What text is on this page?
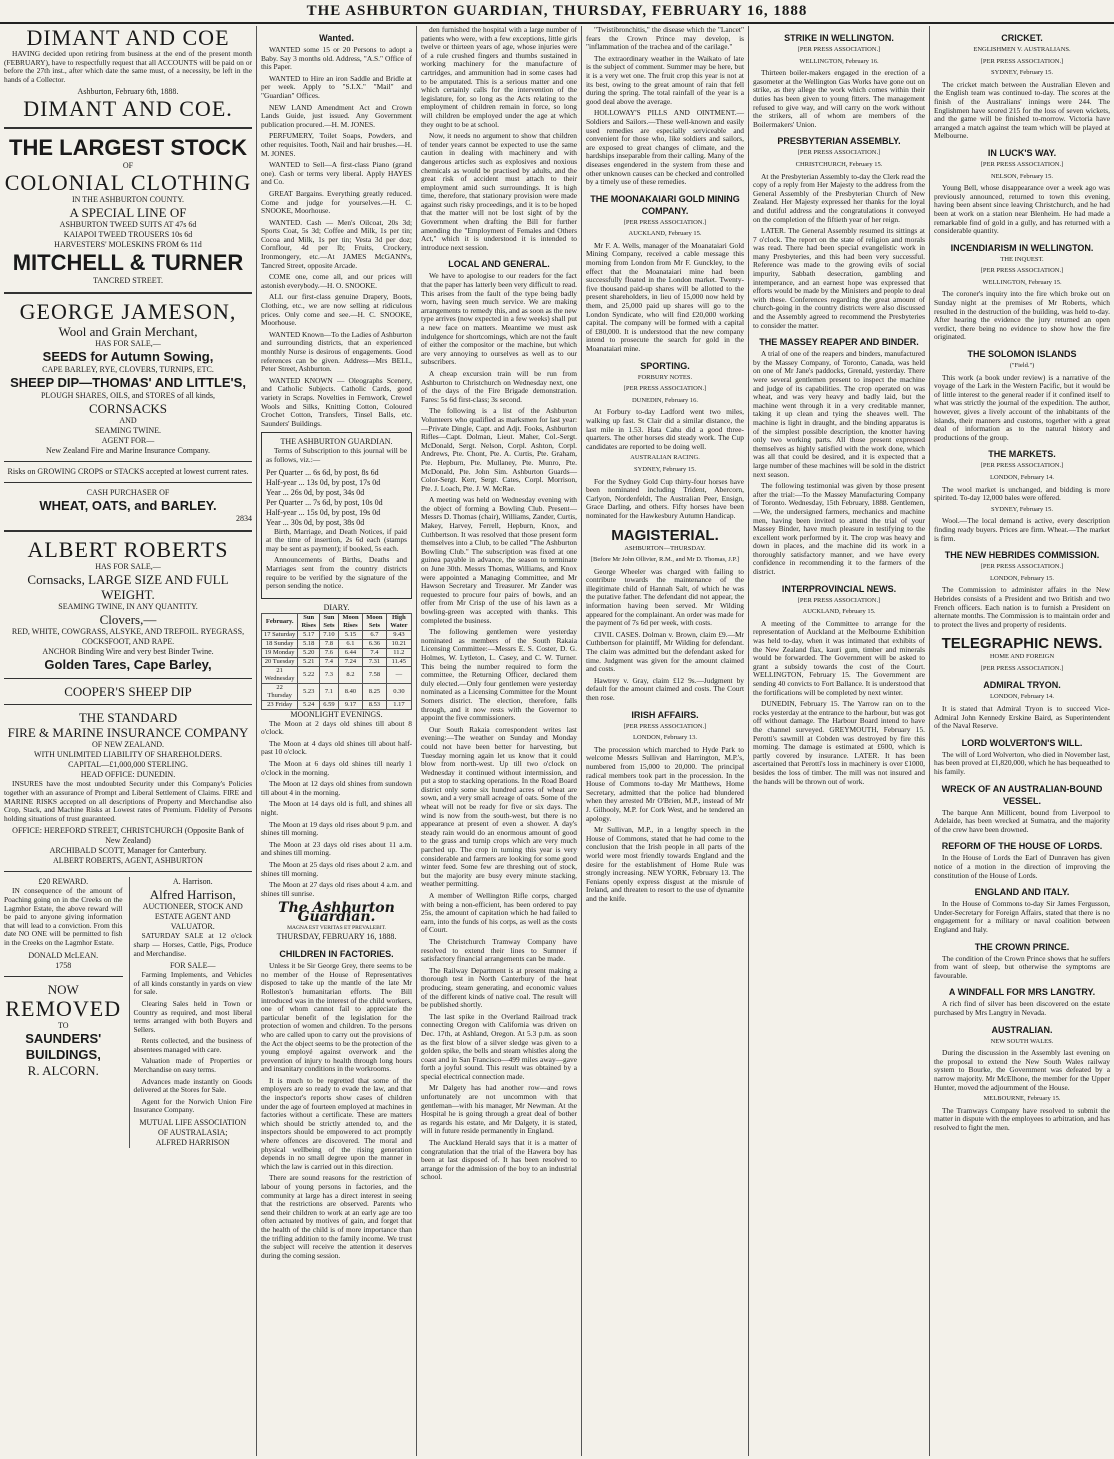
THE ASHBURTON GUARDIAN, THURSDAY, FEBRUARY 16, 1888
DIMANT AND COE

HAVING decided upon retiring from business at the end of the present month (FEBRUARY), have to respectfully request that all ACCOUNTS will be paid on or before the 27th inst., after which date the same must, of a necessity, be left in the hands of a Collector.

Ashburton, February 6th, 1888.
DIMANT AND COE.
THE LARGEST STOCK
OF
COLONIAL CLOTHING
IN THE ASHBURTON COUNTY.
A SPECIAL LINE OF
ASHBURTON TWEED SUITS AT 47s 6d
KAIAPOI TWEED TROUSERS 10s 6d
HARVESTERS' MOLESKINS FROM 6s 11d
MITCHELL & TURNER
TANCRED STREET.
GEORGE JAMESON,
Wool and Grain Merchant,
HAS FOR SALE,—
SEEDS for Autumn Sowing,
CAPE BARLEY, RYE, CLOVERS, TURNIPS, ETC.
SHEEP DIP—THOMAS' AND LITTLE'S,
PLOUGH SHARES, OILS, and STORES of all kinds,
CORNSACKS
AND
SEAMING TWINE.
AGENT FOR—
New Zealand Fire and Marine Insurance Company.
Risks on GROWING CROPS or STACKS accepted at lowest current rates.
CASH PURCHASER OF
WHEAT, OATS, and BARLEY.
2834
ALBERT ROBERTS
HAS FOR SALE,—
Cornsacks, LARGE SIZE AND FULL WEIGHT.
SEAMING TWINE, IN ANY QUANTITY.
Clovers,—
RED, WHITE, COWGRASS, ALSYKE, AND TREFOIL. RYEGRASS, COCKSFOOT, AND RAPE.
ANCHOR Binding Wire and very best Binder Twine.
Golden Tares, Cape Barley,
COOPER'S SHEEP DIP
THE STANDARD
FIRE & MARINE INSURANCE COMPANY
OF NEW ZEALAND.
WITH UNLIMITED LIABILITY OF SHAREHOLDERS.
CAPITAL—£1,000,000 STERLING.
HEAD OFFICE: DUNEDIN.

INSURES have the most undoubted Security under this Company's Policies together with an assurance of Prompt and Liberal Settlement of Claims. FIRE and MARINE RISKS accepted on all descriptions of Property and Merchandise also Crop, Stack, and Machine Risks at Lowest rates of Premium. Fidelity of Persons holding situations of trust guaranteed.

OFFICE: HEREFORD STREET, CHRISTCHURCH (Opposite Bank of New Zealand)
ARCHIBALD SCOTT, Manager for Canterbury.
ALBERT ROBERTS, AGENT, ASHBURTON
£20 REWARD.

IN consequence of the amount of Poaching going on in the Creeks on the Lagmhor Estate, the above reward will be paid to anyone giving information that will lead to a conviction. From this date NO ONE will be permitted to fish in the Creeks on the Lagmhor Estate.

DONALD McLEAN.
1758
NOW
REMOVED
TO
SAUNDERS' BUILDINGS,
R. ALCORN.
A. Harrison.
Alfred Harrison,
AUCTIONEER, STOCK AND ESTATE AGENT AND VALUATOR.

SATURDAY SALE at 12 o'clock sharp — Horses, Cattle, Pigs, Produce and Merchandise.

FOR SALE—

Farming Implements, and Vehicles of all kinds constantly in yards on view for sale.

Clearing Sales held in Town or Country as required, and most liberal terms arranged with both Buyers and Sellers.

Rents collected, and the business of absentees managed with care.

Valuation made of Properties or Merchandise on easy terms.

Advances made instantly on Goods delivered at the Stores for Sale.

Agent for the Norwich Union Fire Insurance Company.

MUTUAL LIFE ASSOCIATION OF AUSTRALASIA;
ALFRED HARRISON
Wanted.

WANTED some 15 or 20 Persons to adopt a Baby. Say 3 months old. Address, "A.S." Office of this Paper.

WANTED to Hire an iron Saddle and Bridle at per week. Apply to "S.I.X." "Mail" and "Guardian" Offices.

NEW LAND Amendment Act and Crown Lands Guide, just issued. Any Government publication procured.—H. M. JONES.

PERFUMERY, Toilet Soaps, Powders, and other requisites. Tooth, Nail and hair brushes.—H. M. JONES.

WANTED to Sell—A first-class Piano (grand one). Cash or terms very liberal. Apply HAYES and Co.

GREAT Bargains. Everything greatly reduced. Come and judge for yourselves.—H. C. SNOOKE, Moorhouse.

WANTED. Cash — Men's Oilcoat, 20s 3d; Sports Coat, 5s 3d; Coffee and Milk, 1s per tin; Cocoa and Milk, 1s per tin; Vesta 3d per doz; Cornflour, 4d per lb; Fruits, Crockery, Ironmongery, etc.—At JAMES McGANN's, Tancred Street, opposite Arcade.

COME one, come all, and our prices will astonish everybody.—H. O. SNOOKE.

ALL our first-class genuine Drapery, Boots, Clothing, etc., we are now selling at ridiculous prices. Only come and see.—H. C. SNOOKE, Moorhouse.

WANTED Known—To the Ladies of Ashburton and surrounding districts, that an experienced monthly Nurse is desirous of engagements. Good references can be given. Address—Mrs BELL, Peter Street, Ashburton.

WANTED KNOWN — Oleographs Scenery, and Catholic Subjects. Catholic Cards, good variety in Scraps. Novelties in Fernwork, Crewel Wools and Silks, Knitting Cotton, Coloured Crochet Cotton, Transfers, Tinsel Balls, etc. Saunders' Buildings.

THE ASHBURTON GUARDIAN.

Terms of Subscription to this journal will be as follows, viz.:—

Per Quarter ... 6s 6d, by post, 8s 6d
Half-year ... 13s 0d, by post, 17s 0d
Year ... 26s 0d, by post, 34s 0d
Per Quarter ... 7s 6d, by post, 10s 0d
Half-year ... 15s 0d, by post, 19s 0d
Year ... 30s 0d, by post, 38s 0d

Birth, Marriage, and Death Notices, if paid at the time of insertion, 2s 6d each (stamps may be sent as payment); if booked, 5s each.

Announcements of Births, Deaths and Marriages sent from the country districts require to be verified by the signature of the person sending the notice.

DIARY.
February.	Sun Rises	Sun Sets	Moon Rises	Moon Sets	High Water
17 Saturday	5.17	7.10	5.15	6.7	9.43
18 Sunday	5.18	7.8	6.1	6.36	10.21
19 Monday	5.20	7.6	6.44	7.4	11.2
20 Tuesday	5.21	7.4	7.24	7.31	11.45
21 Wednesday	5.22	7.3	8.2	7.58	—
22 Thursday	5.23	7.1	8.40	8.25	0.30
23 Friday	5.24	6.59	9.17	8.53	1.17
MOONLIGHT EVENINGS.

The Moon at 2 days old shines till about 8 o'clock.

The Moon at 4 days old shines till about half-past 10 o'clock.

The Moon at 6 days old shines till nearly 1 o'clock in the morning.

The Moon at 12 days old shines from sundown till about 4 in the morning.

The Moon at 14 days old is full, and shines all night.

The Moon at 19 days old rises about 9 p.m. and shines till morning.

The Moon at 23 days old rises about 11 a.m. and shines till morning.

The Moon at 25 days old rises about 2 a.m. and shines till morning.

The Moon at 27 days old rises about 4 a.m. and shines till sunrise.

The Ashburton Guardian.
MAGNA EST VERITAS ET PREVALEBIT.
THURSDAY, FEBRUARY 16, 1888.
CHILDREN IN FACTORIES.

Unless it be Sir George Grey, there seems to be no member of the House of Representatives disposed to take up the mantle of the late Mr Rolleston's humanitarian efforts. The Bill introduced was in the interest of the child workers, one of whom cannot fail to appreciate the particular benefit of the legislation for the protection of women and children. To the persons who are called upon to carry out the provisions of the Act the object seems to be the protection of the young employé against overwork and the prevention of injury to health through long hours and insanitary conditions in the workrooms.

It is much to be regretted that some of the employers are so ready to evade the law, and that the inspector's reports show cases of children under the age of fourteen employed at machines in factories without a certificate. These are matters which should be strictly attended to, and the inspectors should be empowered to act promptly where offences are discovered. The moral and physical wellbeing of the rising generation depends in no small degree upon the manner in which the law is carried out in this direction.

There are sound reasons for the restriction of labour of young persons in factories, and the community at large has a direct interest in seeing that the restrictions are observed. Parents who send their children to work at an early age are too often actuated by motives of gain, and forget that the health of the child is of more importance than the trifling addition to the family income. We trust the subject will receive the attention it deserves during the coming session.

den furnished the hospital with a large number of patients who were, with a few exceptions, little girls twelve or thirteen years of age, whose injuries were of a rule crushed fingers and thumbs sustained in working machinery for the manufacture of cartridges, and ammunition had in some cases had to be amputated. This is a serious matter and one which certainly calls for the intervention of the legislature, for, so long as the Acts relating to the employment of children remain in force, so long will children be employed under the age at which they ought to be at school.

Now, it needs no argument to show that children of tender years cannot be expected to use the same caution in dealing with machinery and with dangerous articles such as explosives and noxious chemicals as would be practised by adults, and the great risk of accident must attach to their employment amid such surroundings. It is high time, therefore, that stationary provision were made against such risky proceedings, and it is to be hoped that the matter will not be lost sight of by the Government when drafting the Bill for further amending the "Employment of Females and Others Act," which it is understood it is intended to introduce next session.

LOCAL AND GENERAL.

We have to apologise to our readers for the fact that the paper has latterly been very difficult to read. This arises from the fault of the type being badly worn, having seen much service. We are making arrangements to remedy this, and as soon as the new type arrives (now expected in a few weeks) shall put a new face on matters. Meantime we must ask indulgence for shortcomings, which are not the fault of either the compositor or the machine, but which are very annoying to ourselves as well as to our subscribers.

A cheap excursion train will be run from Ashburton to Christchurch on Wednesday next, one of the days of the Fire Brigade demonstration. Fares: 5s 6d first-class; 3s second.

The following is a list of the Ashburton Volunteers who qualified as marksmen for last year:—Private Dingle, Capt. and Adjt. Fooks, Ashburton Rifles—Capt. Dolman, Lieut. Maher, Col.-Sergt. McDonald, Sergt. Nelson, Corpl. Ashton, Corpl. Andrews, Pte. Chont, Pte. A. Curtis, Pte. Graham, Pte. Hepburn, Pte. Mullaney, Pte. Munro, Pte. McDonald, Pte. John Sim. Ashburton Guards—Color-Sergt. Kerr, Sergt. Cates, Corpl. Morrison, Pte. J. Loach, Pte. J. W. McRae.

A meeting was held on Wednesday evening with the object of forming a Bowling Club. Present—Messrs D. Thomas (chair), Williams, Zander, Curtis, Makey, Harvey, Ferrell, Hepburn, Knox, and Cuthbertson. It was resolved that those present form themselves into a Club, to be called "The Ashburton Bowling Club." The subscription was fixed at one guinea payable in advance, the season to terminate on June 30th. Messrs Thomas, Williams, and Knox were appointed a Managing Committee, and Mr Hawson Secretary and Treasurer. Mr Zander was requested to procure four pairs of bowls, and an offer from Mr Crisp of the use of his lawn as a bowling-green was accepted with thanks. This completed the business.

The following gentlemen were yesterday nominated as members of the South Rakaia Licensing Committee:—Messrs E. S. Coster, D. G. Holmes, W. Lytleton, L. Casey, and C. W. Turner. This being the number required to form the committee, the Returning Officer, declared them duly elected.—Only four gentlemen were yesterday nominated as a Licensing Committee for the Mount Somers district. The election, therefore, falls through, and it now rests with the Governor to appoint the five commissioners.

Our South Rakaia correspondent writes last evening:—The weather on Sunday and Monday could not have been better for harvesting, but Tuesday morning again let us know that it could blow from north-west. Up till two o'clock on Wednesday it continued without intermission, and put a stop to stacking operations. In the Road Board district only some six hundred acres of wheat are sown, and a very small acreage of oats. Some of the wheat will not be ready for five or six days. The wind is now from the south-west, but there is no appearance at present of even a shower. A day's steady rain would do an enormous amount of good to the grass and turnip crops which are very much parched up. The crop in turning this year is very considerable and farmers are looking for some good winter feed. Some few are threshing out of stock, but the majority are busy every minute stacking, weather permitting.

A member of Wellington Rifle corps, charged with being a non-efficient, has been ordered to pay 25s, the amount of capitation which he had failed to earn, into the funds of his corps, as well as the costs of Court.

The Christchurch Tramway Company have resolved to extend their lines to Sumner if satisfactory financial arrangements can be made.

The Railway Department is at present making a thorough test in North Canterbury of the heat producing, steam generating, and economic values of the different kinds of native coal. The result will be published shortly.

The last spike in the Overland Railroad track connecting Oregon with California was driven on Dec. 17th, at Ashland, Oregon. At 5.3 p.m. as soon as the first blow of a silver sledge was given to a golden spike, the bells and steam whistles along the coast and in San Francisco—499 miles away—gave forth a joyful sound. This result was obtained by a special electrical connection made.

Mr Dalgety has had another row—and rows unfortunately are not uncommon with that gentleman—with his manager, Mr Newman. At the Hospital he is going through a great deal of bother as regards his estate, and Mr Dalgety, it is stated, will in future reside permanently in England.

The Auckland Herald says that it is a matter of congratulation that the trial of the Hawera boy has been at last disposed of. It has been resolved to arrange for the admission of the boy to an industrial school.

"Twistibronchitis," the disease which the "Lancet" fears the Crown Prince may develop, is "inflammation of the trachea and of the carilage."

The extraordinary weather in the Waikato of late is the subject of comment. Summer may be here, but it is a very wet one. The fruit crop this year is not at its best, owing to the great amount of rain that fell during the spring. The total rainfall of the year is a good deal above the average.

HOLLOWAY'S PILLS AND OINTMENT.—Soldiers and Sailors.—These well-known and easily used remedies are especially serviceable and convenient for those who, like soldiers and sailors, are exposed to great changes of climate, and the hardships inseparable from their calling. Many of the diseases engendered in the system from these and other unknown causes can be checked and controlled by a timely use of these remedies.

THE MOONAKAIARI GOLD MINING COMPANY.
[PER PRESS ASSOCIATION.]
AUCKLAND, February 15.

Mr F. A. Wells, manager of the Moanataiari Gold Mining Company, received a cable message this morning from London from Mr F. Gunckley, to the effect that the Moanataiari mine had been successfully floated in the London market. Twenty-five thousand paid-up shares will be allotted to the present shareholders, in lieu of 15,000 now held by them, and 25,000 paid up shares will go to the London Syndicate, who will find £20,000 working capital. The company will be formed with a capital of £80,000. It is understood that the new company intend to prosecute the search for gold in the Moanataiari mine.

SPORTING.
FORBURY NOTES.
[PER PRESS ASSOCIATION.]
DUNEDIN, February 16.

At Forbury to-day Ladford went two miles, walking up fast. St Clair did a similar distance, the last mile in 1.53. Hata Cahu did a good three-quarters. The other horses did steady work. The Cup candidates are reported to be doing well.

AUSTRALIAN RACING.
SYDNEY, February 15.

For the Sydney Gold Cup thirty-four horses have been nominated including Trident, Abercorn, Carlyon, Nordenfeldt, The Australian Peer, Ensign, Grace Darling, and others. Fifty horses have been nominated for the Hawkesbury Autumn Handicap.

MAGISTERIAL.
ASHBURTON—THURSDAY.
[Before Mr John Ollivier, R.M., and Mr D. Thomas, J.P.]

George Wheeler was charged with failing to contribute towards the maintenance of the illegitimate child of Hannah Salt, of which he was the putative father. The defendant did not appear, the information having been served. Mr Wilding appeared for the complainant. An order was made for the payment of 7s 6d per week, with costs.

CIVIL CASES. Dolman v. Brown, claim £9.—Mr Cuthbertson for plaintiff, Mr Wilding for defendant. The claim was admitted but the defendant asked for time. Judgment was given for the amount claimed and costs.

Hawtrey v. Gray, claim £12 9s.—Judgment by default for the amount claimed and costs. The Court then rose.

IRISH AFFAIRS.
[PER PRESS ASSOCIATION.]
LONDON, February 13.

The procession which marched to Hyde Park to welcome Messrs Sullivan and Harrington, M.P.'s, numbered from 15,000 to 20,000. The principal radical members took part in the procession. In the House of Commons to-day Mr Matthews, Home Secretary, admitted that the police had blundered when they arrested Mr O'Brien, M.P., instead of Mr J. Gilhooly, M.P. for Cork West, and he tendered an apology.

Mr Sullivan, M.P., in a lengthy speech in the House of Commons, stated that he had come to the conclusion that the Irish people in all parts of the world were most friendly towards England and the desire for the establishment of Home Rule was strongly increasing. NEW YORK, February 13. The Fenians openly express disgust at the misrule of Ireland, and threaten to resort to the use of dynamite and the knife.

STRIKE IN WELLINGTON.
[PER PRESS ASSOCIATION.]
WELLINGTON, February 16.

Thirteen boiler-makers engaged in the erection of a gasometer at the Wellington Gas Works have gone out on strike, as they allege the work which comes within their duties has been given to young fitters. The management refused to give way, and will carry on the work without the strikers, all of whom are members of the Boilermakers' Union.

PRESBYTERIAN ASSEMBLY.
[PER PRESS ASSOCIATION.]
CHRISTCHURCH, February 15.

At the Presbyterian Assembly to-day the Clerk read the copy of a reply from Her Majesty to the address from the General Assembly of the Presbyterian Church of New Zealand. Her Majesty expressed her thanks for the loyal and dutiful address and the congratulations it conveyed on the completion of the fiftieth year of her reign.

LATER. The General Assembly resumed its sittings at 7 o'clock. The report on the state of religion and morals was read. There had been special evangelistic work in many Presbyteries, and this had been very successful. Reference was made to the growing evils of social impurity, Sabbath desecration, gambling and intemperance, and an earnest hope was expressed that efforts would be made by the Ministers and people to deal with these. Conferences regarding the great amount of church-going in the country districts were also discussed and the Assembly agreed to recommend the Presbyteries to consider the matter.

THE MASSEY REAPER AND BINDER.

A trial of one of the reapers and binders, manufactured by the Massey Company, of Toronto, Canada, was held on one of Mr Jane's paddocks, Grenald, yesterday. There were several gentlemen present to inspect the machine and judge of its capabilities. The crop operated on was wheat, and was very heavy and badly laid, but the machine went through it in a very creditable manner, taking it up clean and tying the sheaves well. The machine is light in draught, and the binding apparatus is of the simplest possible description, the knotter having only two working parts. All those present expressed themselves as highly satisfied with the work done, which was all that could be desired, and it is expected that a large number of these machines will be sold in the district next season.

The following testimonial was given by those present after the trial:—To the Massey Manufacturing Company of Toronto. Wednesday, 15th February, 1888. Gentlemen,—We, the undersigned farmers, mechanics and machine men, having been invited to attend the trial of your Massey Binder, have much pleasure in testifying to the excellent work performed by it. The crop was heavy and down in places, and the machine did its work in a thoroughly satisfactory manner, and we have every confidence in recommending it to the farmers of the district.

INTERPROVINCIAL NEWS.
[PER PRESS ASSOCIATION.]
AUCKLAND, February 15.

A meeting of the Committee to arrange for the representation of Auckland at the Melbourne Exhibition was held to-day, when it was intimated that exhibits of the New Zealand flax, kauri gum, timber and minerals would be forwarded. The Government will be asked to grant a subsidy towards the cost of the Court. WELLINGTON, February 15. The Government are sending 40 convicts to Fort Ballance. It is understood that the fortifications will be completed by next winter.

DUNEDIN, February 15. The Yarrow ran on to the rocks yesterday at the entrance to the harbour, but was got off without damage. The Harbour Board intend to have the channel surveyed. GREYMOUTH, February 15. Perotti's sawmill at Cobden was destroyed by fire this morning. The damage is estimated at £600, which is partly covered by insurance. LATER. It has been ascertained that Perotti's loss in machinery is over £1000, besides the loss of timber. The mill was not insured and the hands will be thrown out of work.

CRICKET.
ENGLISHMEN V. AUSTRALIANS.
[PER PRESS ASSOCIATION.]
SYDNEY, February 15.

The cricket match between the Australian Eleven and the English team was continued to-day. The scores at the finish of the Australians' innings were 244. The Englishmen have scored 215 for the loss of seven wickets, and the game will be finished to-morrow. Victoria have arranged a match against the team which will be played at Melbourne.

IN LUCK'S WAY.
[PER PRESS ASSOCIATION.]
NELSON, February 15.

Young Bell, whose disappearance over a week ago was previously announced, returned to town this evening, having been absent since leaving Christchurch, and he had been at work on a station near Blenheim. He had made a remarkable find of gold in a gully, and has returned with a considerable quantity.

INCENDIARISM IN WELLINGTON.
THE INQUEST.
[PER PRESS ASSOCIATION.]
WELLINGTON, February 15.

The coroner's inquiry into the fire which broke out on Sunday night at the premises of Mr Roberts, which resulted in the destruction of the building, was held to-day. After hearing the evidence the jury returned an open verdict, there being no evidence to show how the fire originated.

THE SOLOMON ISLANDS
("Field.")

This work (a book under review) is a narrative of the voyage of the Lark in the Western Pacific, but it would be of little interest to the general reader if it confined itself to what was strictly the journal of the expedition. The author, however, gives a lively account of the inhabitants of the islands, their manners and customs, together with a great deal of information as to the natural history and productions of the group.

THE MARKETS.
[PER PRESS ASSOCIATION.]
LONDON, February 14.

The wool market is unchanged, and bidding is more spirited. To-day 12,000 bales were offered.

SYDNEY, February 15.

Wool.—The local demand is active, every description finding ready buyers. Prices are firm. Wheat.—The market is firm.

THE NEW HEBRIDES COMMISSION.
[PER PRESS ASSOCIATION.]
LONDON, February 15.

The Commission to administer affairs in the New Hebrides consists of a President and two British and two French officers. Each nation is to furnish a President on alternate months. The Commission is to maintain order and to protect the lives and property of residents.

TELEGRAPHIC NEWS.
HOME AND FOREIGN
[PER PRESS ASSOCIATION.]
ADMIRAL TRYON.
LONDON, February 14.

It is stated that Admiral Tryon is to succeed Vice-Admiral John Kennedy Erskine Baird, as Superintendent of the Naval Reserve.

LORD WOLVERTON'S WILL.

The will of Lord Wolverton, who died in November last, has been proved at £1,820,000, which he has bequeathed to his family.

WRECK OF AN AUSTRALIAN-BOUND VESSEL.

The barque Ann Millicent, bound from Liverpool to Adelaide, has been wrecked at Sumatra, and the majority of the crew have been drowned.

REFORM OF THE HOUSE OF LORDS.

In the House of Lords the Earl of Dunraven has given notice of a motion in the direction of improving the constitution of the House of Lords.

ENGLAND AND ITALY.

In the House of Commons to-day Sir James Fergusson, Under-Secretary for Foreign Affairs, stated that there is no engagement for a military or naval coalition between England and Italy.

THE CROWN PRINCE.

The condition of the Crown Prince shows that he suffers from want of sleep, but otherwise the symptoms are favourable.

A WINDFALL FOR MRS LANGTRY.

A rich find of silver has been discovered on the estate purchased by Mrs Langtry in Nevada.

AUSTRALIAN.
NEW SOUTH WALES.

During the discussion in the Assembly last evening on the proposal to extend the New South Wales railway system to Bourke, the Government was defeated by a narrow majority. Mr McElhone, the member for the Upper Hunter, moved the adjournment of the House.

MELBOURNE, February 15.

The Tramways Company have resolved to submit the matter in dispute with the employees to arbitration, and has resolved to fight the men.
